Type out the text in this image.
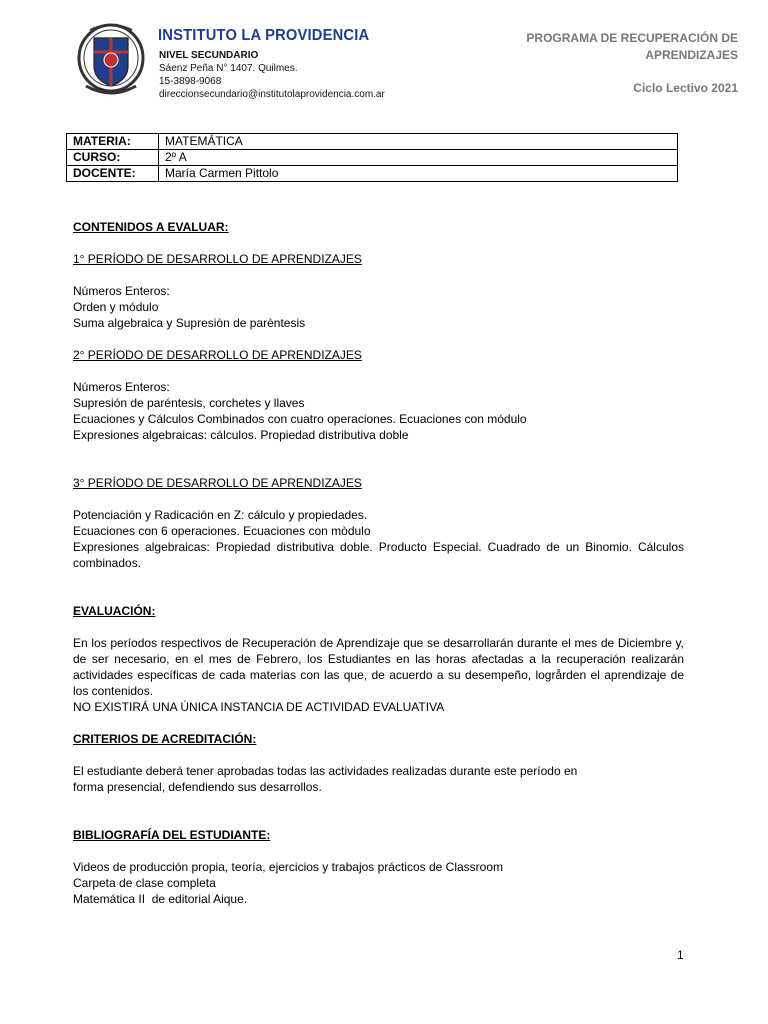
INSTITUTO LA PROVIDENCIA
NIVEL SECUNDARIO
Sáenz Peña N° 1407. Quilmes.
15-3898-9068
direccionsecundario@institutolaprovidencia.com.ar
PROGRAMA DE RECUPERACIÓN DE APRENDIZAJES
Ciclo Lectivo 2021
MATERIA:	MATEMÁTICA
CURSO:	2º A
DOCENTE:	María Carmen Pittolo

CONTENIDOS A EVALUAR:

1° PERÍODO DE DESARROLLO DE APRENDIZAJES

Números Enteros:

Orden y módulo

Suma algebraica y Supresiòn de parèntesis

2° PERÍODO DE DESARROLLO DE APRENDIZAJES

Números Enteros:

Supresión de paréntesis, corchetes y llaves

Ecuaciones y Cálculos Combinados con cuatro operaciones. Ecuaciones con módulo

Expresiones algebraicas: cálculos. Propiedad distributiva doble

3° PERÍODO DE DESARROLLO DE APRENDIZAJES

Potenciación y Radicación en Z: cálculo y propiedades.

Ecuaciones con 6 operaciones. Ecuaciones con mòdulo

Expresiones algebraicas: Propiedad distributiva doble. Producto Especial. Cuadrado de un Binomio. Cálculos combinados.

EVALUACIÓN:

En los períodos respectivos de Recuperación de Aprendizaje que se desarrollarán durante el mes de Diciembre y, de ser necesario, en el mes de Febrero, los Estudiantes en las horas afectadas a la recuperación realizarán actividades específicas de cada materias con las que, de acuerdo a su desempeño, logrården el aprendizaje de los contenidos.

NO EXISTIRÁ UNA ÚNICA INSTANCIA DE ACTIVIDAD EVALUATIVA

CRITERIOS DE ACREDITACIÓN:

El estudiante deberá tener aprobadas todas las actividades realizadas durante este período en

forma presencial, defendiendo sus desarrollos.

BIBLIOGRAFÍA DEL ESTUDIANTE:

Videos de producción propia, teoría, ejercicios y trabajos prácticos de Classroom

Carpeta de clase completa

Matemática II  de editorial Aique.

1
